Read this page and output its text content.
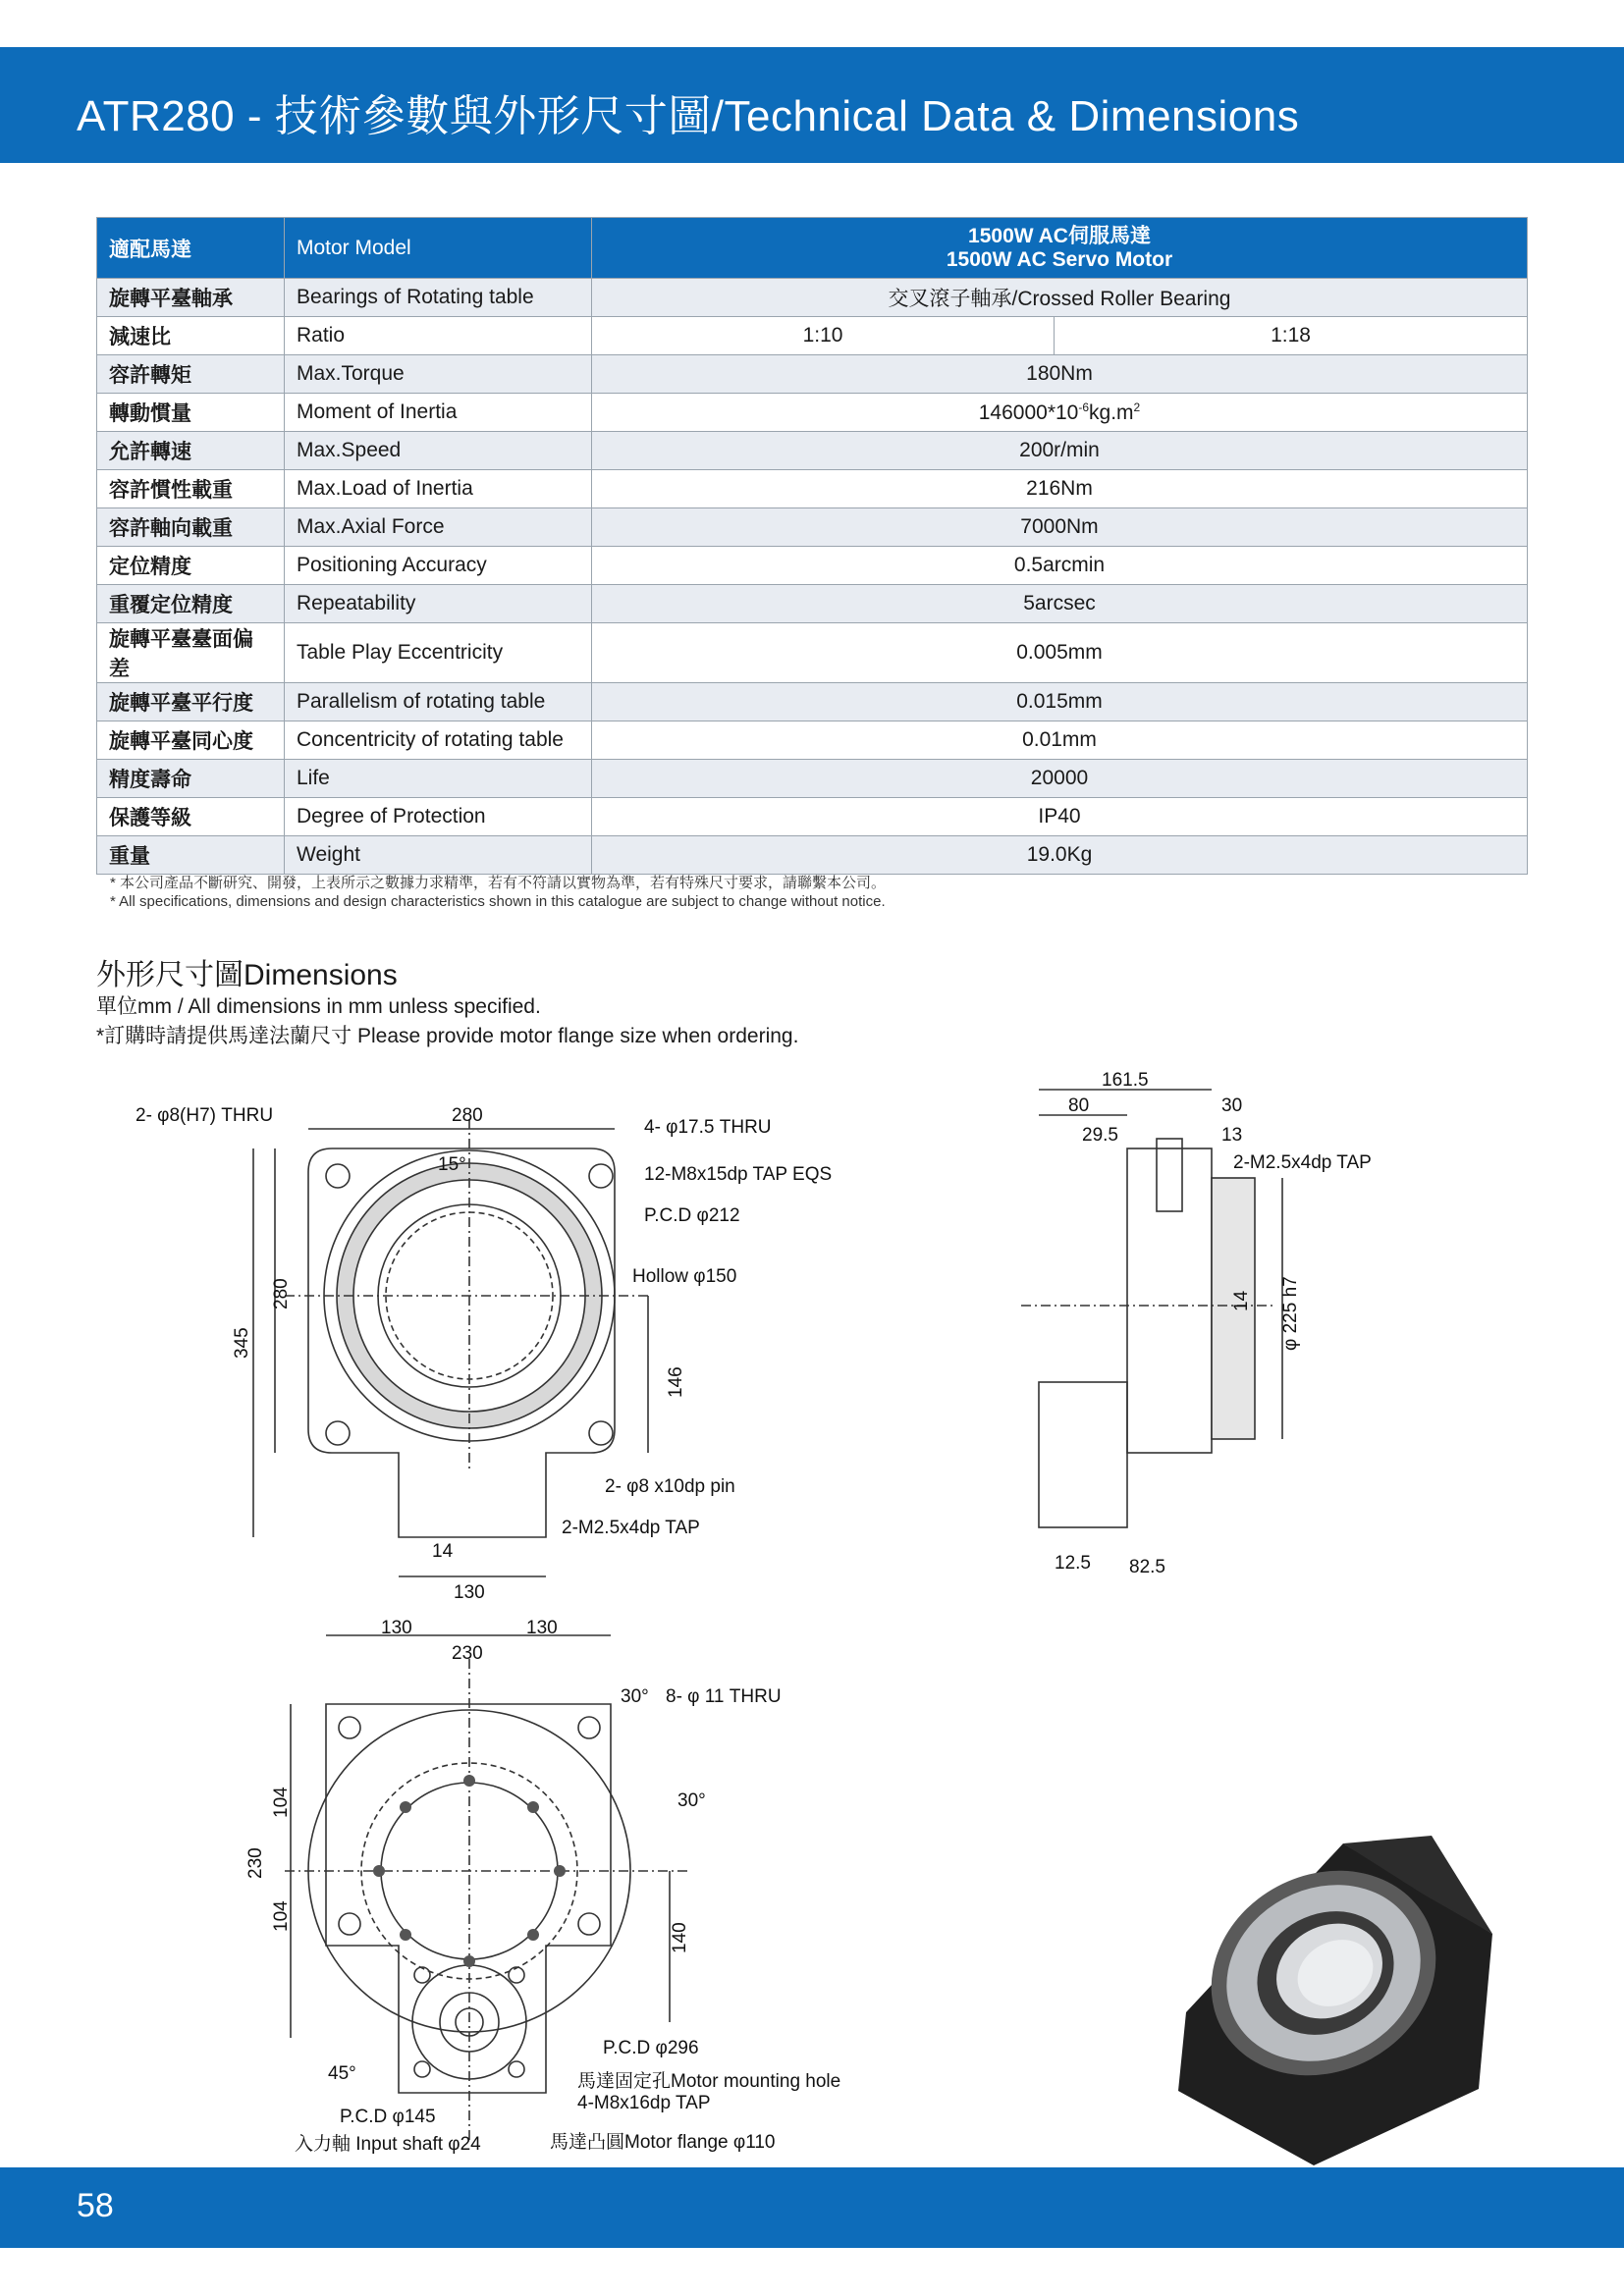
ATR280 - 技術參數與外形尺寸圖/Technical Data & Dimensions
適配馬達	Motor Model	1500W AC伺服馬達
1500W AC Servo Motor	

旋轉平臺軸承	Bearings of Rotating table	交叉滾子軸承/Crossed Roller Bearing	
減速比	Ratio	1:10	1:18
容許轉矩	Max.Torque	180Nm	
轉動慣量	Moment of Inertia	$146000*10^{-6}kg.m^2$
允許轉速	Max.Speed	200r/min	
容許慣性載重	Max.Load of Inertia	216Nm	
容許軸向載重	Max.Axial Force	7000Nm	
定位精度	Positioning Accuracy	0.5arcmin	
重覆定位精度	Repeatability	5arcsec	
旋轉平臺臺面偏差	Table Play Eccentricity	0.005mm	
旋轉平臺平行度	Parallelism of rotating table	0.015mm	
旋轉平臺同心度	Concentricity of rotating table	0.01mm	
精度壽命	Life	20000	
保護等級	Degree of Protection	IP40	
重量	Weight	19.0Kg	
* 本公司產品不斷研究、開發，上表所示之數據力求精準，若有不符請以實物為準，若有特殊尺寸要求，請聯繫本公司。
* All specifications, dimensions and design characteristics shown in this catalogue are subject to change without notice.
外形尺寸圖Dimensions
單位mm / All dimensions in mm unless specified.
*訂購時請提供馬達法蘭尺寸 Please provide motor flange size when ordering.
2- φ8(H7) THRU	280
4- φ17.5 THRU
15°	12-M8x15dp TAP EQS
P.C.D φ212
Hollow φ150
280
345
146
2- φ8 x10dp pin
2-M2.5x4dp TAP
14
130
161.5
80	30
29.5	13
2-M2.5x4dp TAP
14 φ 225 h7
12.5 82.5
130	130
230
30° 8- φ 11 THRU
30°
104
230
104
140
P.C.D φ296
45°	馬達固定孔Motor mounting hole
4-M8x16dp TAP
P.C.D φ145
入力軸 Input shaft φ24	馬達凸圓Motor flange φ110
58
